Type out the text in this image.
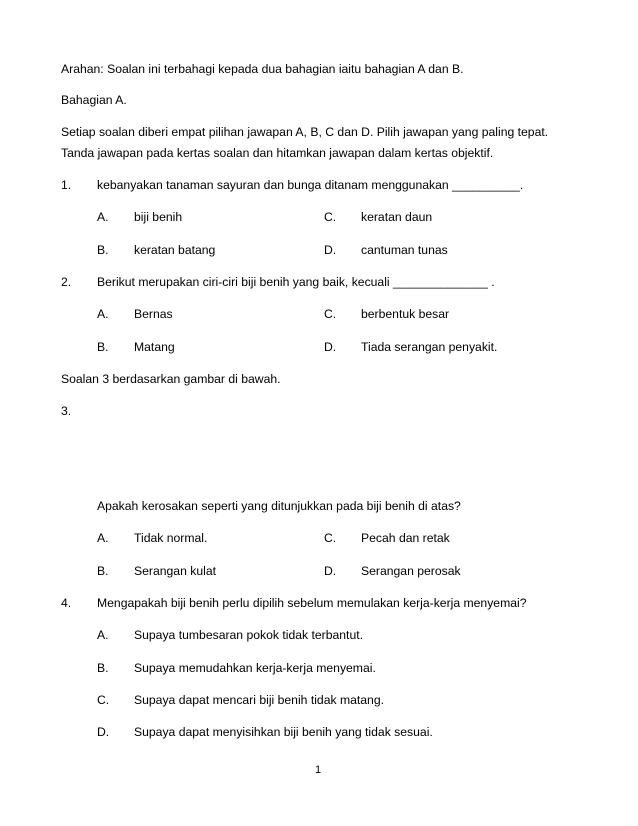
Arahan: Soalan ini terbahagi kepada dua bahagian iaitu bahagian A dan B.
Bahagian A.
Setiap soalan diberi empat pilihan jawapan A, B, C dan D. Pilih jawapan yang paling tepat.
Tanda jawapan pada kertas soalan dan hitamkan jawapan dalam kertas objektif.
1. kebanyakan tanaman sayuran dan bunga ditanam menggunakan __________.
A. biji benih	C. keratan daun
B. keratan batang	D. cantuman tunas
2. Berikut merupakan ciri-ciri biji benih yang baik, kecuali ______________ .
A. Bernas	C. berbentuk besar
B. Matang	D. Tiada serangan penyakit.
Soalan 3 berdasarkan gambar di bawah.
3.
Apakah kerosakan seperti yang ditunjukkan pada biji benih di atas?
A. Tidak normal.	C. Pecah dan retak
B. Serangan kulat	D. Serangan perosak
4. Mengapakah biji benih perlu dipilih sebelum memulakan kerja-kerja menyemai?
A. Supaya tumbesaran pokok tidak terbantut.
B. Supaya memudahkan kerja-kerja menyemai.
C. Supaya dapat mencari biji benih tidak matang.
D. Supaya dapat menyisihkan biji benih yang tidak sesuai.
1
